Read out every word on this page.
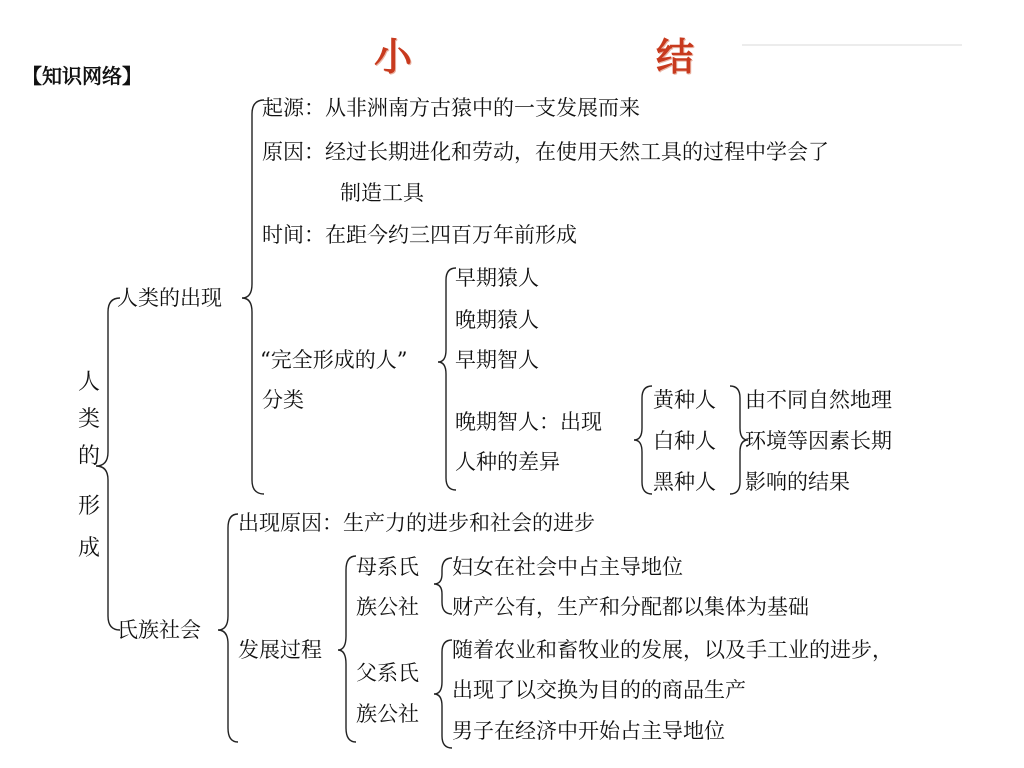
小	结
【知识网络】
人
类
的
形
成
人类的出现
起源：从非洲南方古猿中的一支发展而来
原因：经过长期进化和劳动，在使用天然工具的过程中学会了
制造工具
时间：在距今约三四百万年前形成
“完全形成的人”
分类
早期猿人
晚期猿人
早期智人
晚期智人：出现
人种的差异
黄种人
白种人
黑种人
由不同自然地理
环境等因素长期
影响的结果
氏族社会
出现原因：生产力的进步和社会的进步
发展过程
母系氏
族公社
妇女在社会中占主导地位
财产公有，生产和分配都以集体为基础
父系氏
族公社
随着农业和畜牧业的发展，以及手工业的进步，
出现了以交换为目的的商品生产
男子在经济中开始占主导地位
